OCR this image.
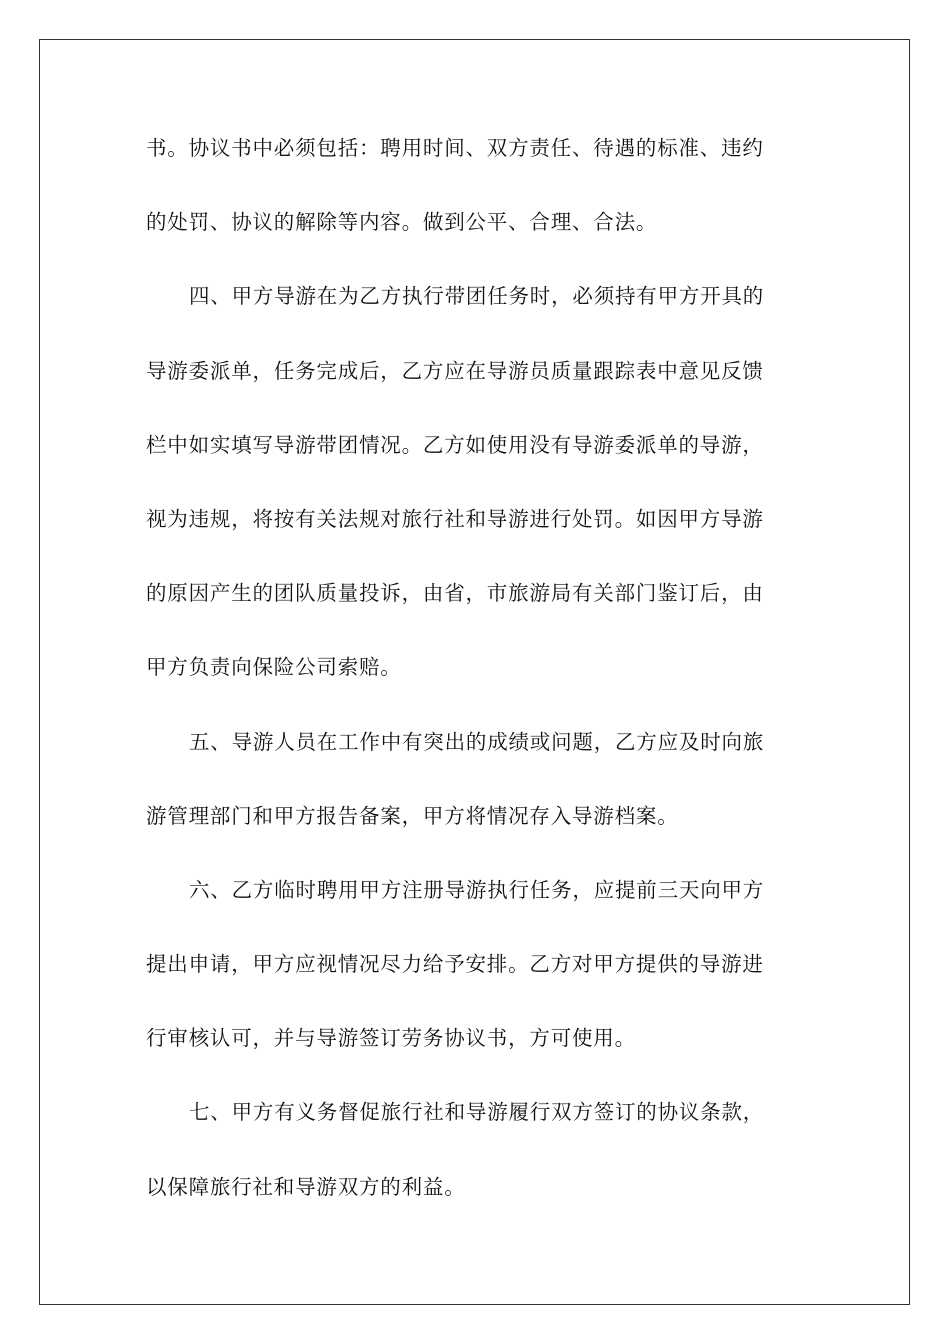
书。协议书中必须包括：聘用时间、双方责任、待遇的标准、违约
的处罚、协议的解除等内容。做到公平、合理、合法。
四、甲方导游在为乙方执行带团任务时，必须持有甲方开具的
导游委派单，任务完成后，乙方应在导游员质量跟踪表中意见反馈
栏中如实填写导游带团情况。乙方如使用没有导游委派单的导游，
视为违规，将按有关法规对旅行社和导游进行处罚。如因甲方导游
的原因产生的团队质量投诉，由省，市旅游局有关部门鉴订后，由
甲方负责向保险公司索赔。
五、导游人员在工作中有突出的成绩或问题，乙方应及时向旅
游管理部门和甲方报告备案，甲方将情况存入导游档案。
六、乙方临时聘用甲方注册导游执行任务，应提前三天向甲方
提出申请，甲方应视情况尽力给予安排。乙方对甲方提供的导游进
行审核认可，并与导游签订劳务协议书，方可使用。
七、甲方有义务督促旅行社和导游履行双方签订的协议条款，
以保障旅行社和导游双方的利益。
